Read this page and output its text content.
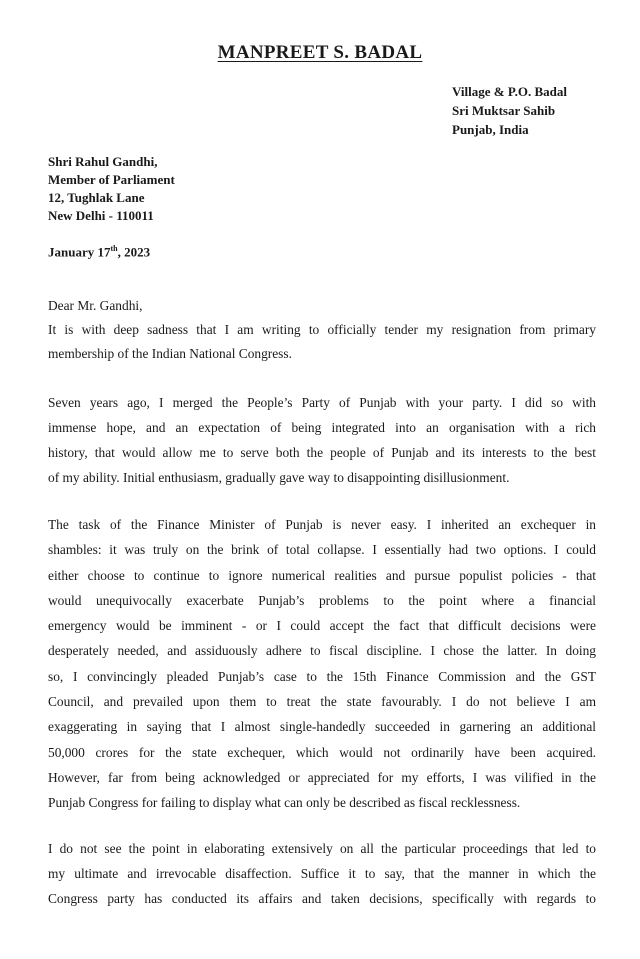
MANPREET S. BADAL
Village & P.O. Badal
Sri Muktsar Sahib
Punjab, India
Shri Rahul Gandhi,
Member of Parliament
12, Tughlak Lane
New Delhi - 110011
January 17th, 2023
Dear Mr. Gandhi,
It is with deep sadness that I am writing to officially tender my resignation from primary
membership of the Indian National Congress.
Seven years ago, I merged the People’s Party of Punjab with your party. I did so with
immense hope, and an expectation of being integrated into an organisation with a rich
history, that would allow me to serve both the people of Punjab and its interests to the best
of my ability. Initial enthusiasm, gradually gave way to disappointing disillusionment.
The task of the Finance Minister of Punjab is never easy. I inherited an exchequer in
shambles: it was truly on the brink of total collapse. I essentially had two options. I could
either choose to continue to ignore numerical realities and pursue populist policies - that
would unequivocally exacerbate Punjab’s problems to the point where a financial
emergency would be imminent - or I could accept the fact that difficult decisions were
desperately needed, and assiduously adhere to fiscal discipline. I chose the latter. In doing
so, I convincingly pleaded Punjab’s case to the 15th Finance Commission and the GST
Council, and prevailed upon them to treat the state favourably. I do not believe I am
exaggerating in saying that I almost single-handedly succeeded in garnering an additional
50,000 crores for the state exchequer, which would not ordinarily have been acquired.
However, far from being acknowledged or appreciated for my efforts, I was vilified in the
Punjab Congress for failing to display what can only be described as fiscal recklessness.
I do not see the point in elaborating extensively on all the particular proceedings that led to
my ultimate and irrevocable disaffection. Suffice it to say, that the manner in which the
Congress party has conducted its affairs and taken decisions, specifically with regards to
